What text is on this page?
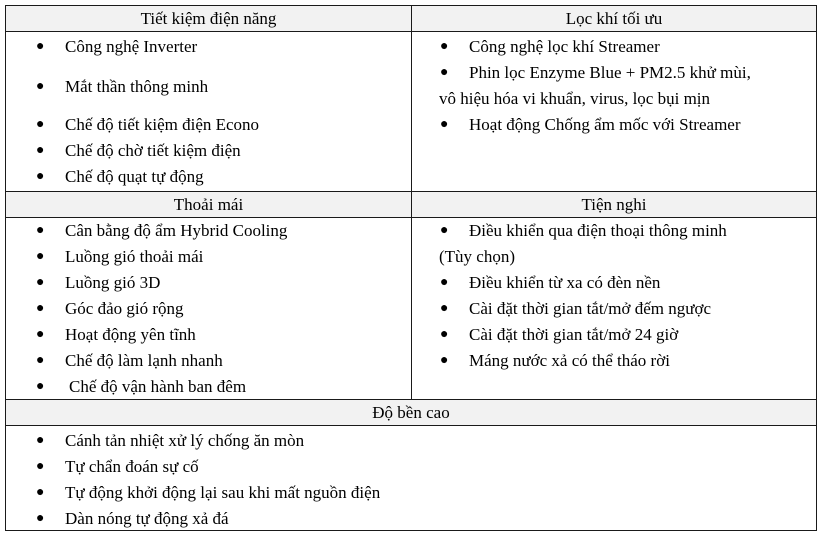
Tiết kiệm điện năng	Lọc khí tối ưu
Thoải mái	Tiện nghi
Độ bền cao
● Công nghệ Inverter
● Mắt thần thông minh
● Chế độ tiết kiệm điện Econo
● Chế độ chờ tiết kiệm điện
● Chế độ quạt tự động
● Công nghệ lọc khí Streamer
● Phin lọc Enzyme Blue + PM2.5 khử mùi,
vô hiệu hóa vi khuẩn, virus, lọc bụi mịn
● Hoạt động Chống ẩm mốc với Streamer
● Cân bằng độ ẩm Hybrid Cooling
● Luồng gió thoải mái
● Luồng gió 3D
● Góc đảo gió rộng
● Hoạt động yên tĩnh
● Chế độ làm lạnh nhanh
● Chế độ vận hành ban đêm
● Điều khiển qua điện thoại thông minh
(Tùy chọn)
● Điều khiển từ xa có đèn nền
● Cài đặt thời gian tắt/mở đếm ngược
● Cài đặt thời gian tắt/mở 24 giờ
● Máng nước xả có thể tháo rời
● Cánh tản nhiệt xử lý chống ăn mòn
● Tự chẩn đoán sự cố
● Tự động khởi động lại sau khi mất nguồn điện
● Dàn nóng tự động xả đá
